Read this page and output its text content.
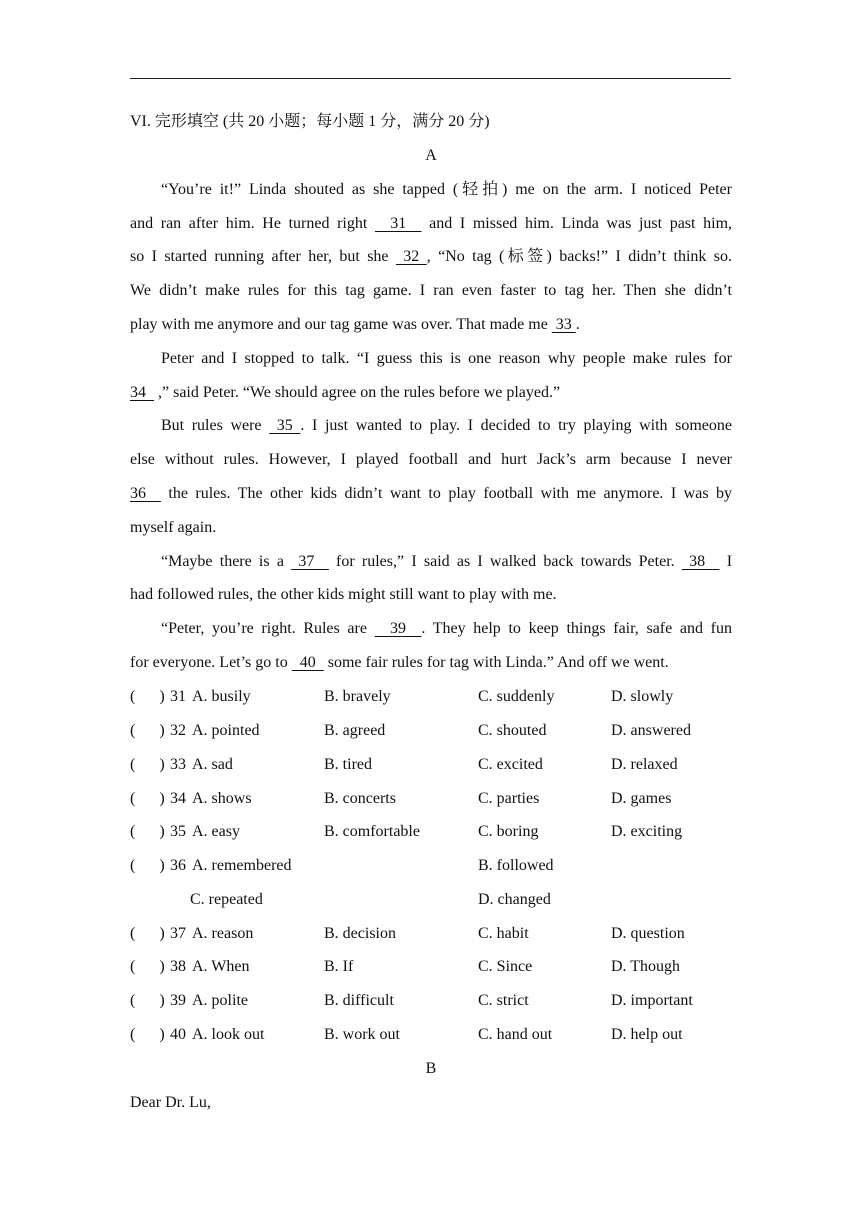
VI. 完形填空 (共 20 小题；每小题 1 分，满分 20 分)
A
“You’re it!” Linda shouted as she tapped (轻拍) me on the arm. I noticed Peter
and ran after him. He turned right   31   and I missed him. Linda was just past him,
so I started running after her, but she  32 , “No tag (标签) backs!” I didn’t think so.
We didn’t make rules for this tag game. I ran even faster to tag her. Then she didn’t
play with me anymore and our tag game was over. That made me  33 .
Peter and I stopped to talk. “I guess this is one reason why people make rules for
34   ,” said Peter. “We should agree on the rules before we played.”
But rules were  35 . I just wanted to play. I decided to try playing with someone
else without rules. However, I played football and hurt Jack’s arm because I never
36   the rules. The other kids didn’t want to play football with me anymore. I was by
myself again.
“Maybe there is a  37   for rules,” I said as I walked back towards Peter.  38   I
had followed rules, the other kids might still want to play with me.
“Peter, you’re right. Rules are   39  . They help to keep things fair, safe and fun
for everyone. Let’s go to   40   some fair rules for tag with Linda.” And off we went.
(      ) 31 A. busily	B. bravely	C. suddenly	D. slowly
(      ) 32 A. pointed	B. agreed	C. shouted	D. answered
(      ) 33 A. sad	B. tired	C. excited	D. relaxed
(      ) 34 A. shows	B. concerts	C. parties	D. games
(      ) 35 A. easy	B. comfortable	C. boring	D. exciting
(      ) 36 A. remembered	B. followed
C. repeated	D. changed
(      ) 37 A. reason	B. decision	C. habit	D. question
(      ) 38 A. When	B. If	C. Since	D. Though
(      ) 39 A. polite	B. difficult	C. strict	D. important
(      ) 40 A. look out	B. work out	C. hand out	D. help out
B
Dear Dr. Lu,
